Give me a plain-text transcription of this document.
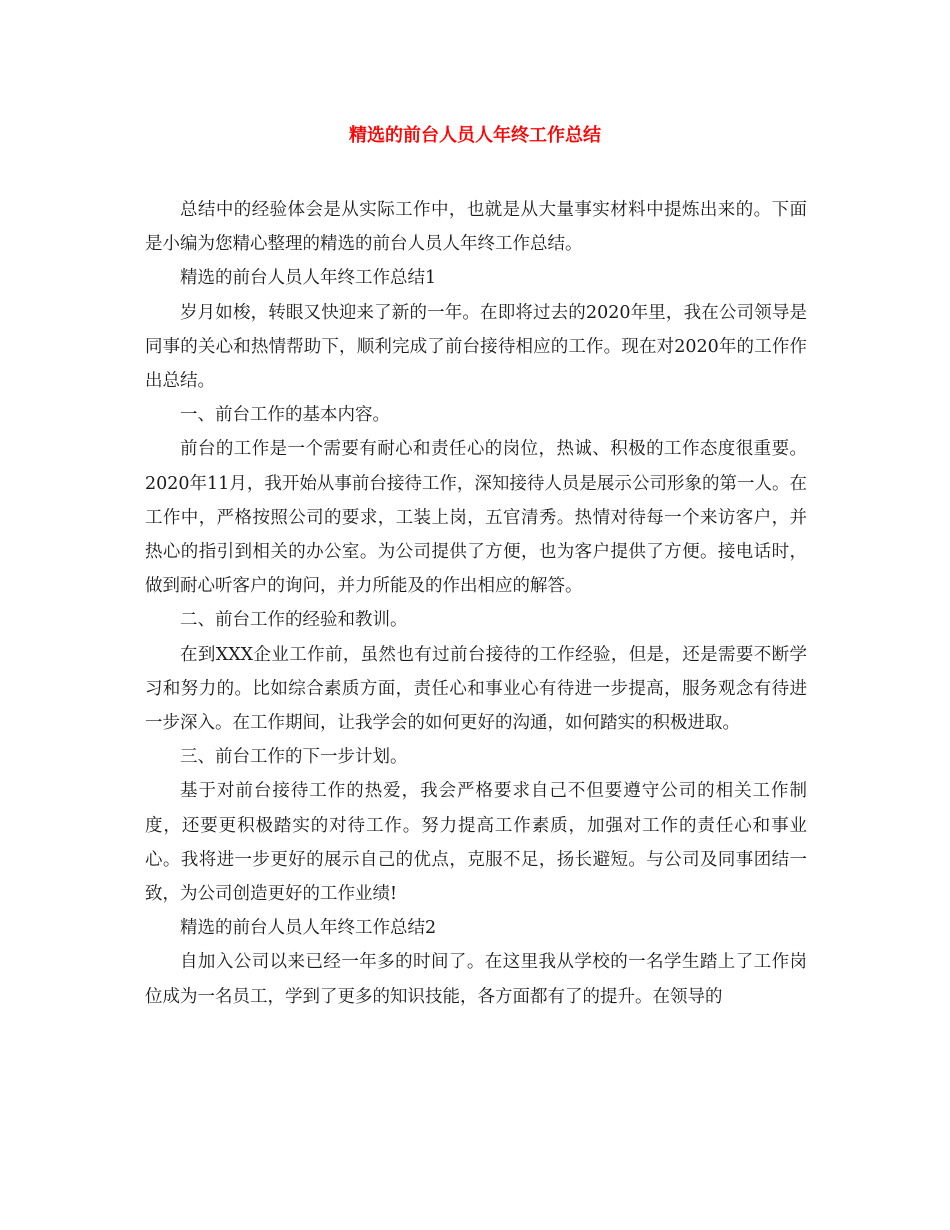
精选的前台人员人年终工作总结

总结中的经验体会是从实际工作中，也就是从大量事实材料中提炼出来的。下面是小编为您精心整理的精选的前台人员人年终工作总结。

精选的前台人员人年终工作总结1

岁月如梭，转眼又快迎来了新的一年。在即将过去的2020年里，我在公司领导是同事的关心和热情帮助下，顺利完成了前台接待相应的工作。现在对2020年的工作作出总结。

一、前台工作的基本内容。

前台的工作是一个需要有耐心和责任心的岗位，热诚、积极的工作态度很重要。2020年11月，我开始从事前台接待工作，深知接待人员是展示公司形象的第一人。在工作中，严格按照公司的要求，工装上岗，五官清秀。热情对待每一个来访客户，并热心的指引到相关的办公室。为公司提供了方便，也为客户提供了方便。接电话时，做到耐心听客户的询问，并力所能及的作出相应的解答。

二、前台工作的经验和教训。

在到XXX企业工作前，虽然也有过前台接待的工作经验，但是，还是需要不断学习和努力的。比如综合素质方面，责任心和事业心有待进一步提高，服务观念有待进一步深入。在工作期间，让我学会的如何更好的沟通，如何踏实的积极进取。

三、前台工作的下一步计划。

基于对前台接待工作的热爱，我会严格要求自己不但要遵守公司的相关工作制度，还要更积极踏实的对待工作。努力提高工作素质，加强对工作的责任心和事业心。我将进一步更好的展示自己的优点，克服不足，扬长避短。与公司及同事团结一致，为公司创造更好的工作业绩!

精选的前台人员人年终工作总结2

自加入公司以来已经一年多的时间了。在这里我从学校的一名学生踏上了工作岗位成为一名员工，学到了更多的知识技能，各方面都有了的提升。在领导的
